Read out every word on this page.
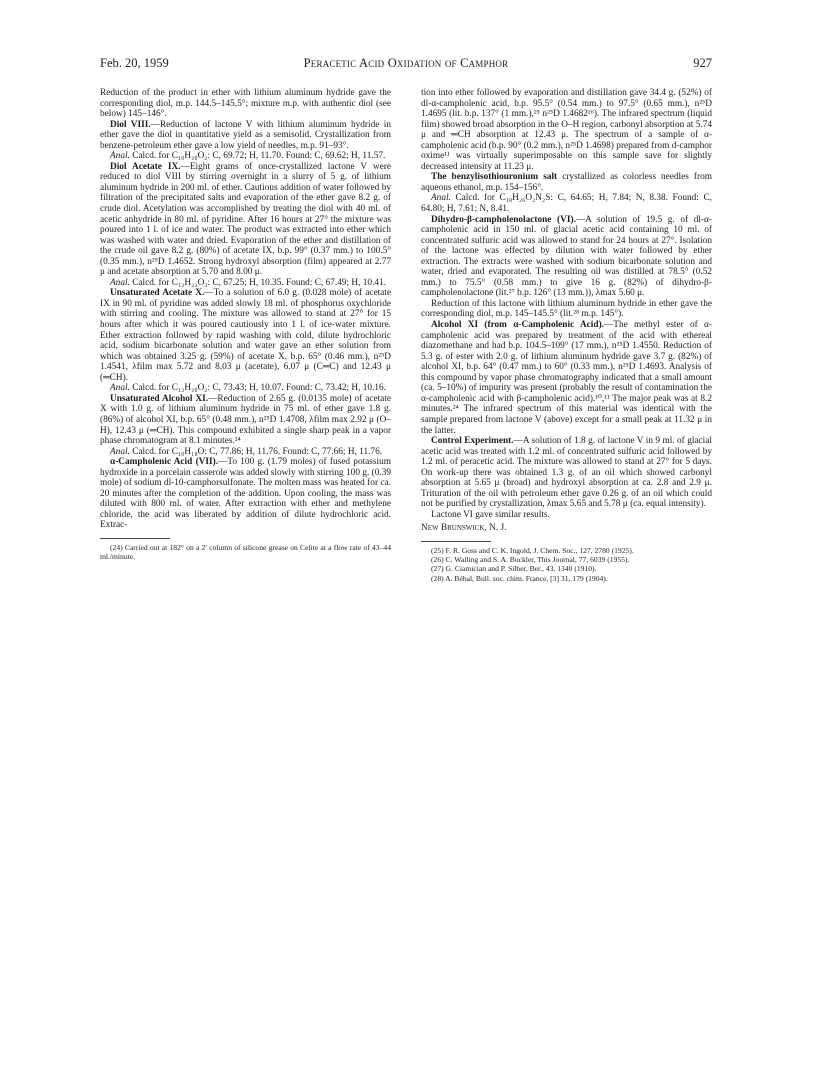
Feb. 20, 1959	Peracetic Acid Oxidation of Camphor	927

Reduction of the product in ether with lithium aluminum hydride gave the corresponding diol, m.p. 144.5–145.5°; mixture m.p. with authentic diol (see below) 145–146°.

Diol VIII.—Reduction of lactone V with lithium aluminum hydride in ether gave the diol in quantitative yield as a semisolid. Crystallization from benzene-petroleum ether gave a low yield of needles, m.p. 91–93°.

Anal. Calcd. for C₁₀H₂₀O₂: C, 69.72; H, 11.70. Found: C, 69.62; H, 11.57.

Diol Acetate IX.—Eight grams of once-crystallized lactone V were reduced to diol VIII by stirring overnight in a slurry of 5 g. of lithium aluminum hydride in 200 ml. of ether. Cautious addition of water followed by filtration of the precipitated salts and evaporation of the ether gave 8.2 g. of crude diol. Acetylation was accomplished by treating the diol with 40 ml. of acetic anhydride in 80 ml. of pyridine. After 16 hours at 27° the mixture was poured into 1 l. of ice and water. The product was extracted into ether which was washed with water and dried. Evaporation of the ether and distillation of the crude oil gave 8.2 g. (80%) of acetate IX, b.p. 99° (0.37 mm.) to 100.5° (0.35 mm.), n²⁵D 1.4652. Strong hydroxyl absorption (film) appeared at 2.77 μ and acetate absorption at 5.70 and 8.00 μ.

Anal. Calcd. for C₁₂H₂₂O₃: C, 67.25; H, 10.35. Found: C, 67.49; H, 10.41.

Unsaturated Acetate X.—To a solution of 6.0 g. (0.028 mole) of acetate IX in 90 ml. of pyridine was added slowly 18 ml. of phosphorus oxychloride with stirring and cooling. The mixture was allowed to stand at 27° for 15 hours after which it was poured cautiously into 1 l. of ice-water mixture. Ether extraction followed by rapid washing with cold, dilute hydrochloric acid, sodium bicarbonate solution and water gave an ether solution from which was obtained 3.25 g. (59%) of acetate X, b.p. 65° (0.46 mm.), n²⁵D 1.4541, λfilm max 5.72 and 8.03 μ (acetate), 6.07 μ (C═C) and 12.43 μ (═CH).

Anal. Calcd. for C₁₂H₂₀O₂: C, 73.43; H, 10.07. Found: C, 73.42; H, 10.16.

Unsaturated Alcohol XI.—Reduction of 2.65 g. (0.0135 mole) of acetate X with 1.0 g. of lithium aluminum hydride in 75 ml. of ether gave 1.8 g. (86%) of alcohol XI, b.p. 65° (0.48 mm.), n²⁵D 1.4708, λfilm max 2.92 μ (O–H), 12.43 μ (═CH). This compound exhibited a single sharp peak in a vapor phase chromatogram at 8.1 minutes.²⁴

Anal. Calcd. for C₁₀H₁₈O: C, 77.86; H, 11.76. Found: C, 77.66; H, 11.76.

α-Campholenic Acid (VII).—To 100 g. (1.79 moles) of fused potassium hydroxide in a porcelain casserole was added slowly with stirring 100 g. (0.39 mole) of sodium dl-10-camphorsulfonate. The molten mass was heated for ca. 20 minutes after the completion of the addition. Upon cooling, the mass was diluted with 800 ml. of water. After extraction with ether and methylene chloride, the acid was liberated by addition of dilute hydrochloric acid. Extrac-

(24) Carried out at 182° on a 2′ column of silicone grease on Celite at a flow rate of 43–44 ml./minute.

tion into ether followed by evaporation and distillation gave 34.4 g. (52%) of dl-α-campholenic acid, b.p. 95.5° (0.54 mm.) to 97.5° (0.65 mm.), n²⁵D 1.4695 (lit. b.p. 137° (1 mm.),²⁵ n²⁵D 1.4682²⁶). The infrared spectrum (liquid film) showed broad absorption in the O–H region, carbonyl absorption at 5.74 μ and ═CH absorption at 12.43 μ. The spectrum of a sample of α-campholenic acid (b.p. 90° (0.2 mm.), n²⁵D 1.4698) prepared from d-camphor oxime¹¹ was virtually superimposable on this sample save for slightly decreased intensity at 11.23 μ.

The benzylisothiouronium salt crystallized as colorless needles from aqueous ethanol, m.p. 154–156°.

Anal. Calcd. for C₁₈H₂₆O₂N₂S: C, 64.65; H, 7.84; N, 8.38. Found: C, 64.80; H, 7.61; N, 8.41.

Dihydro-β-campholenolactone (VI).—A solution of 19.5 g. of dl-α-campholenic acid in 150 ml. of glacial acetic acid containing 10 ml. of concentrated sulfuric acid was allowed to stand for 24 hours at 27°. Isolation of the lactone was effected by dilution with water followed by ether extraction. The extracts were washed with sodium bicarbonate solution and water, dried and evaporated. The resulting oil was distilled at 78.5° (0.52 mm.) to 75.5° (0.58 mm.) to give 16 g. (82%) of dihydro-β-campholenolactone (lit.²⁷ b.p. 126° (13 mm.)), λmax 5.60 μ.

Reduction of this lactone with lithium aluminum hydride in ether gave the corresponding diol, m.p. 145–145.5° (lit.²⁸ m.p. 145°).

Alcohol XI (from α-Campholenic Acid).—The methyl ester of α-campholenic acid was prepared by treatment of the acid with ethereal diazomethane and had b.p. 104.5–109° (17 mm.), n²⁵D 1.4550. Reduction of 5.3 g. of ester with 2.0 g. of lithium aluminum hydride gave 3.7 g. (82%) of alcohol XI, b.p. 64° (0.47 mm.) to 60° (0.33 mm.), n²⁵D 1.4693. Analysis of this compound by vapor phase chromatography indicated that a small amount (ca. 5–10%) of impurity was present (probably the result of contamination the α-campholenic acid with β-campholenic acid).¹⁰,¹¹ The major peak was at 8.2 minutes.²⁴ The infrared spectrum of this material was identical with the sample prepared from lactone V (above) except for a small peak at 11.32 μ in the latter.

Control Experiment.—A solution of 1.8 g. of lactone V in 9 ml. of glacial acetic acid was treated with 1.2 ml. of concentrated sulfuric acid followed by 1.2 ml. of peracetic acid. The mixture was allowed to stand at 27° for 5 days. On work-up there was obtained 1.3 g. of an oil which showed carbonyl absorption at 5.65 μ (broad) and hydroxyl absorption at ca. 2.8 and 2.9 μ. Trituration of the oil with petroleum ether gave 0.26 g. of an oil which could not be purified by crystallization, λmax 5.65 and 5.78 μ (ca. equal intensity).

Lactone VI gave similar results.

New Brunswick, N. J.

(25) F. R. Goss and C. K. Ingold, J. Chem. Soc., 127, 2780 (1925).

(26) C. Walling and S. A. Buckler, This Journal, 77, 6039 (1955).

(27) G. Ciamician and P. Silber, Ber., 43, 1340 (1910).

(28) A. Béhal, Bull. soc. chim. France, [3] 31, 179 (1904).
